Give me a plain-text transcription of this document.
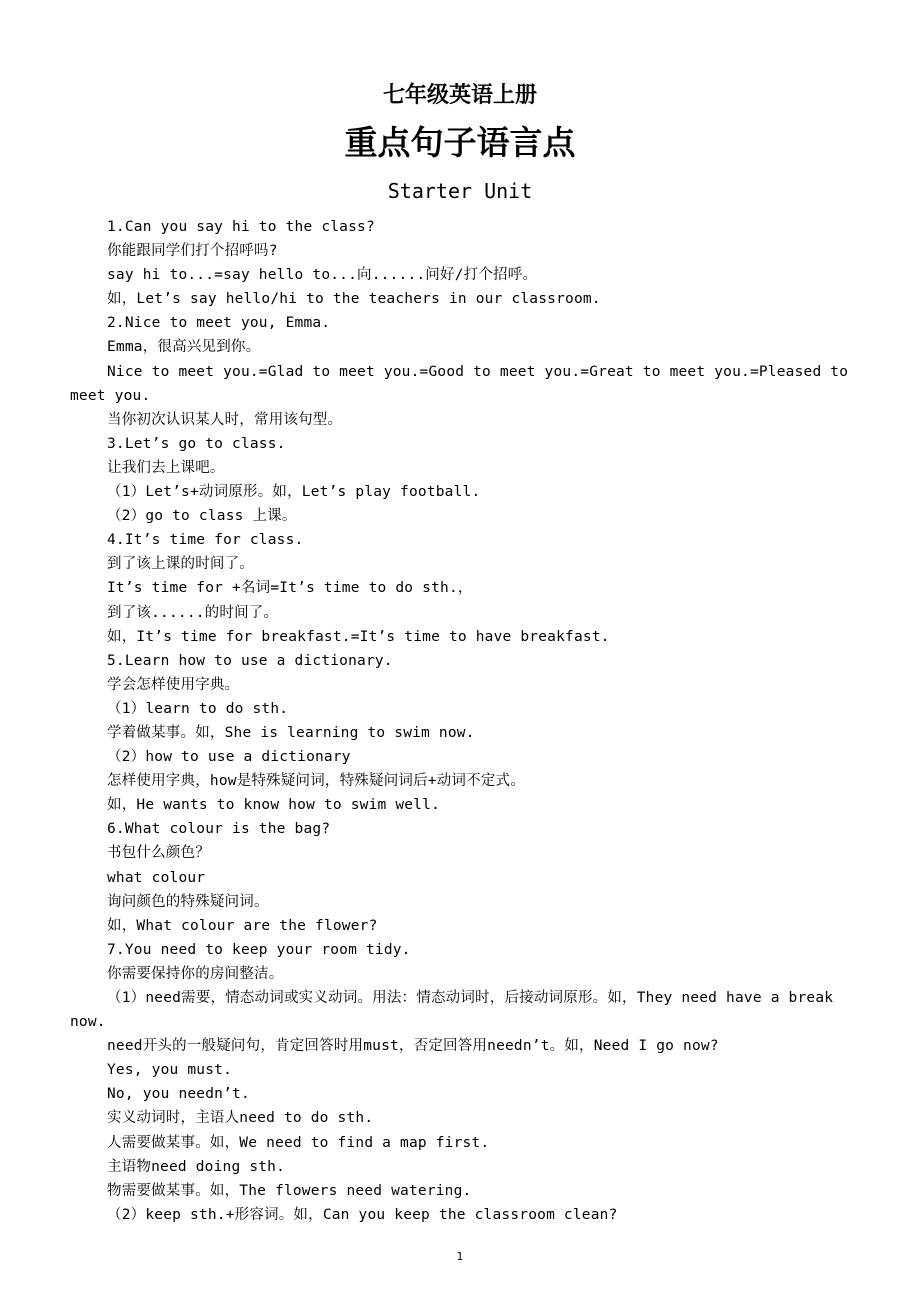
七年级英语上册
重点句子语言点
Starter Unit

1.Can you say hi to the class?

你能跟同学们打个招呼吗?

say hi to...=say hello to...向......问好/打个招呼。

如，Let’s say hello/hi to the teachers in our classroom.

2.Nice to meet you, Emma.

Emma，很高兴见到你。

Nice to meet you.=Glad to meet you.=Good to meet you.=Great to meet you.=Pleased to meet you.

当你初次认识某人时，常用该句型。

3.Let’s go to class.

让我们去上课吧。

（1）Let’s+动词原形。如，Let’s play football.

（2）go to class 上课。

4.It’s time for class.

到了该上课的时间了。

It’s time for +名词=It’s time to do sth.，

到了该......的时间了。

如，It’s time for breakfast.=It’s time to have breakfast.

5.Learn how to use a dictionary.

学会怎样使用字典。

（1）learn to do sth.

学着做某事。如，She is learning to swim now.

（2）how to use a dictionary

怎样使用字典，how是特殊疑问词，特殊疑问词后+动词不定式。

如，He wants to know how to swim well.

6.What colour is the bag?

书包什么颜色？

what colour

询问颜色的特殊疑问词。

如，What colour are the flower?

7.You need to keep your room tidy.

你需要保持你的房间整洁。

（1）need需要，情态动词或实义动词。用法：情态动词时，后接动词原形。如，They need have a break now.

need开头的一般疑问句，肯定回答时用must，否定回答用needn’t。如，Need I go now?

Yes, you must.

No, you needn’t.

实义动词时，主语人need to do sth.

人需要做某事。如，We need to find a map first.

主语物need doing sth.

物需要做某事。如，The flowers need watering.

（2）keep sth.+形容词。如，Can you keep the classroom clean?

1
